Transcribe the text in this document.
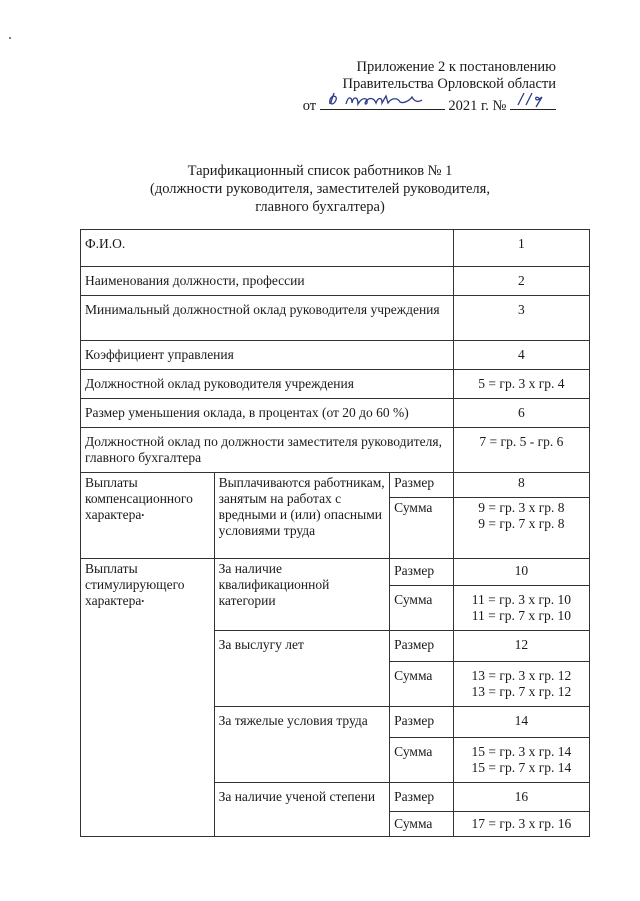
Приложение 2 к постановлению
Правительства Орловской области
от	2021 г. №
Тарификационный список работников № 1
(должности руководителя, заместителей руководителя,
главного бухгалтера)
Ф.И.О.			1
Наименования должности, профессии			2
Минимальный должностной оклад руководителя учреждения			3
Коэффициент управления			4
Должностной оклад руководителя учреждения			5 = гр. 3 х гр. 4
Размер уменьшения оклада, в процентах (от 20 до 60 %)			6
Должностной оклад по должности заместителя руководителя, главного бухгалтера			7 = гр. 5 - гр. 6
Выплаты компенсационного характера•	Выплачиваются работникам, занятым на работах с вредными и (или) опасными условиями труда	Размер	8
		Сумма	9 = гр. 3 х гр. 8
9 = гр. 7 х гр. 8

Выплаты стимулирующего характера•	За наличие квалификационной категории	Размер	10
		Сумма	11 = гр. 3 х гр. 10
11 = гр. 7 х гр. 10

	За выслугу лет	Размер	12
		Сумма	13 = гр. 3 х гр. 12
13 = гр. 7 х гр. 12

	За тяжелые условия труда	Размер	14
		Сумма	15 = гр. 3 х гр. 14
15 = гр. 7 х гр. 14

	За наличие ученой степени	Размер	16
		Сумма	17 = гр. 3 х гр. 16
